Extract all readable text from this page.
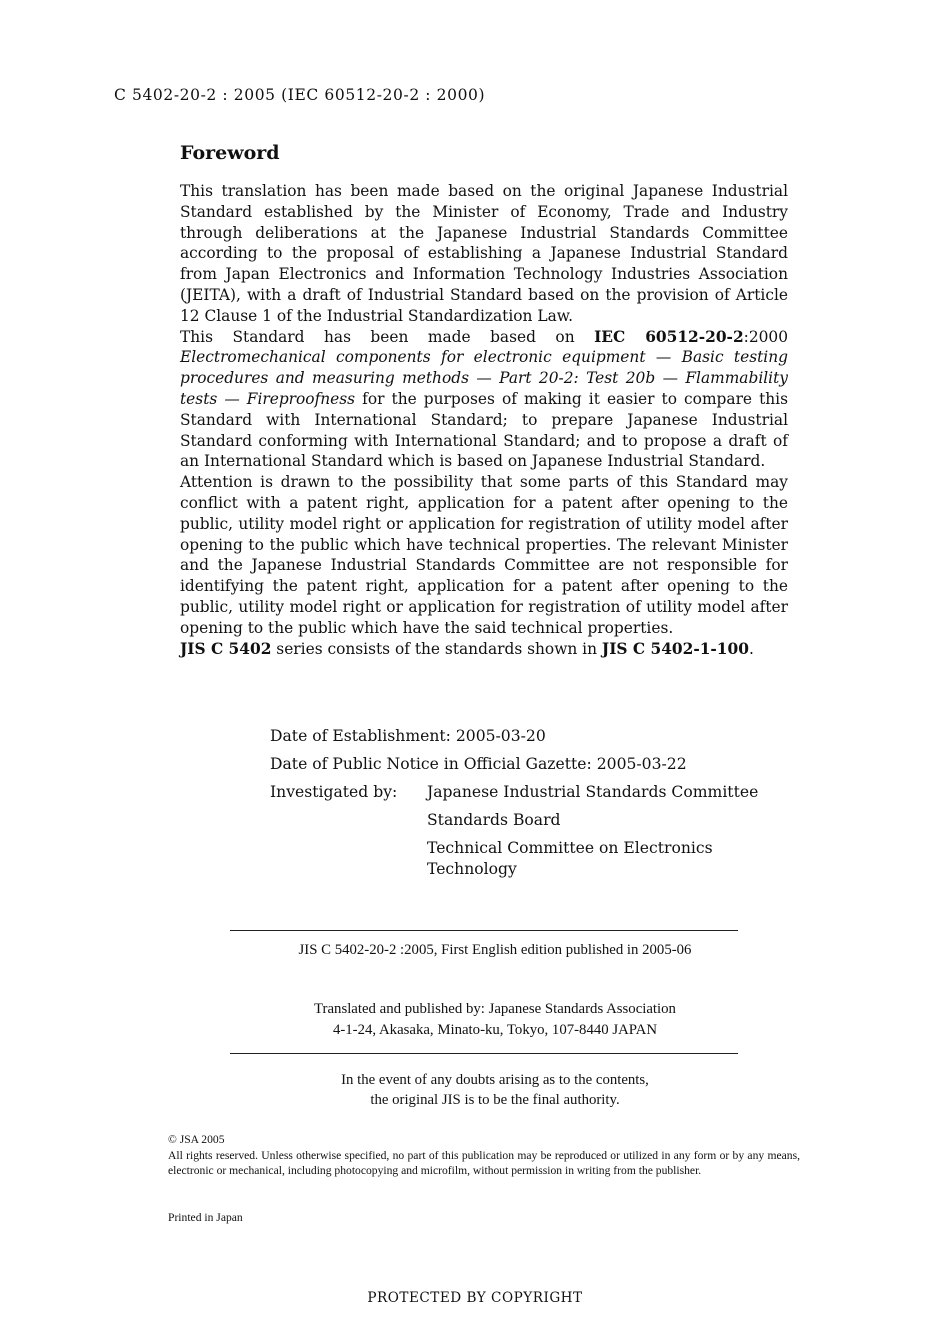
C 5402-20-2 : 2005 (IEC 60512-20-2 : 2000)
Foreword

This translation has been made based on the original Japanese Industrial Standard established by the Minister of Economy, Trade and Industry through deliberations at the Japanese Industrial Standards Committee according to the proposal of establishing a Japanese Industrial Standard from Japan Electronics and Information Technology Industries Association (JEITA), with a draft of Industrial Standard based on the provision of Article 12 Clause 1 of the Industrial Standardization Law.

This Standard has been made based on IEC 60512-20-2:2000 Electromechanical components for electronic equipment — Basic testing procedures and measuring methods — Part 20-2: Test 20b — Flammability tests — Fireproofness for the purposes of making it easier to compare this Standard with International Standard; to prepare Japanese Industrial Standard conforming with International Standard; and to propose a draft of an International Standard which is based on Japanese Industrial Standard.

Attention is drawn to the possibility that some parts of this Standard may conflict with a patent right, application for a patent after opening to the public, utility model right or application for registration of utility model after opening to the public which have technical properties. The relevant Minister and the Japanese Industrial Standards Committee are not responsible for identifying the patent right, application for a patent after opening to the public, utility model right or application for registration of utility model after opening to the public which have the said technical properties.

JIS C 5402 series consists of the standards shown in JIS C 5402-1-100.

Date of Establishment: 2005-03-20
Date of Public Notice in Official Gazette: 2005-03-22
Investigated by: Japanese Industrial Standards Committee
Standards Board
Technical Committee on Electronics
Technology
JIS C 5402-20-2 :2005, First English edition published in 2005-06
Translated and published by: Japanese Standards Association
4-1-24, Akasaka, Minato-ku, Tokyo, 107-8440 JAPAN
In the event of any doubts arising as to the contents,
the original JIS is to be the final authority.
© JSA 2005
All rights reserved. Unless otherwise specified, no part of this publication may be reproduced or utilized in any form or by any means, electronic or mechanical, including photocopying and microfilm, without permission in writing from the publisher.
Printed in Japan
PROTECTED BY COPYRIGHT
